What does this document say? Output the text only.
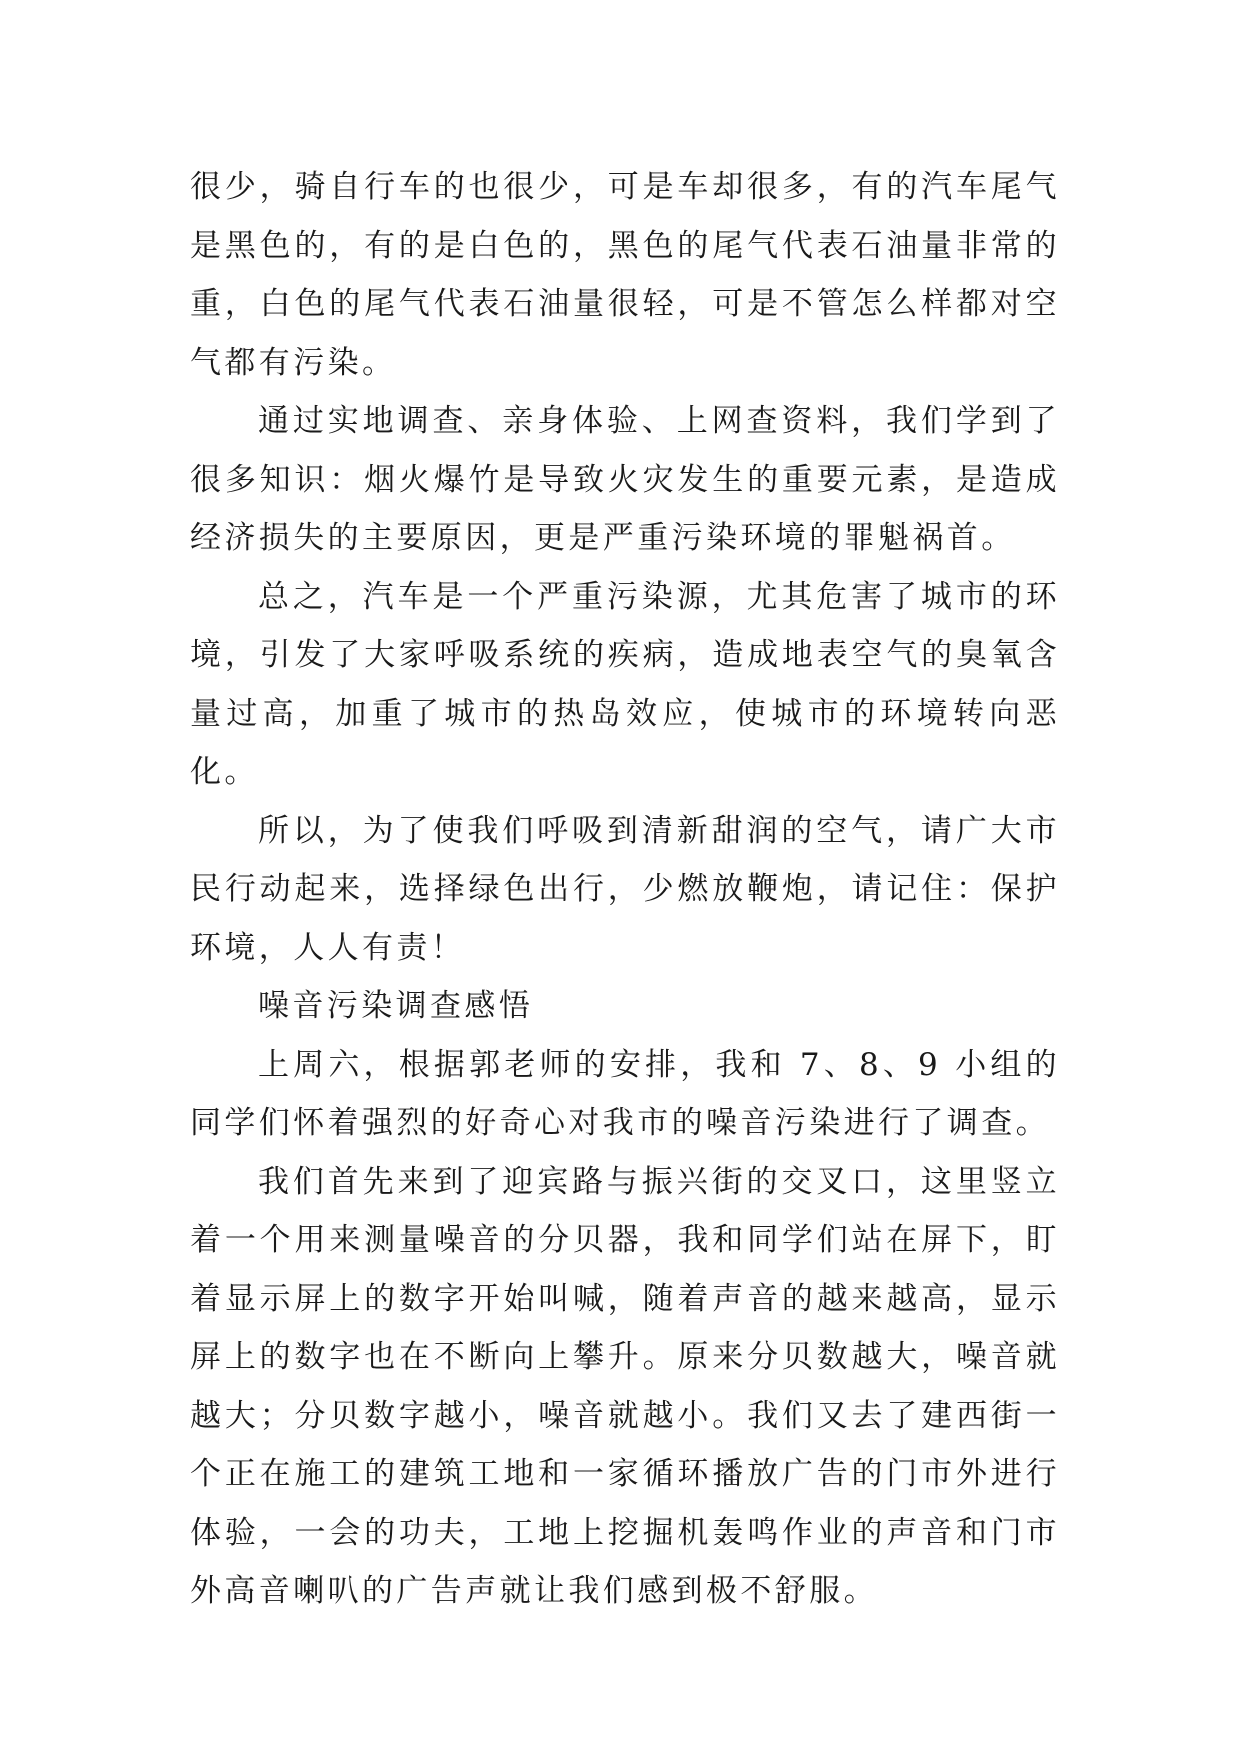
很少，骑自行车的也很少，可是车却很多，有的汽车尾气是黑色的，有的是白色的，黑色的尾气代表石油量非常的重，白色的尾气代表石油量很轻，可是不管怎么样都对空气都有污染。

通过实地调查、亲身体验、上网查资料，我们学到了很多知识：烟火爆竹是导致火灾发生的重要元素，是造成经济损失的主要原因，更是严重污染环境的罪魁祸首。

总之，汽车是一个严重污染源，尤其危害了城市的环境，引发了大家呼吸系统的疾病，造成地表空气的臭氧含量过高，加重了城市的热岛效应，使城市的环境转向恶化。

所以，为了使我们呼吸到清新甜润的空气，请广大市民行动起来，选择绿色出行，少燃放鞭炮，请记住：保护环境，人人有责！

噪音污染调查感悟

上周六，根据郭老师的安排，我和 7、8、9 小组的同学们怀着强烈的好奇心对我市的噪音污染进行了调查。

我们首先来到了迎宾路与振兴街的交叉口，这里竖立着一个用来测量噪音的分贝器，我和同学们站在屏下，盯着显示屏上的数字开始叫喊，随着声音的越来越高，显示屏上的数字也在不断向上攀升。原来分贝数越大，噪音就越大；分贝数字越小，噪音就越小。我们又去了建西街一个正在施工的建筑工地和一家循环播放广告的门市外进行体验，一会的功夫，工地上挖掘机轰鸣作业的声音和门市外高音喇叭的广告声就让我们感到极不舒服。
